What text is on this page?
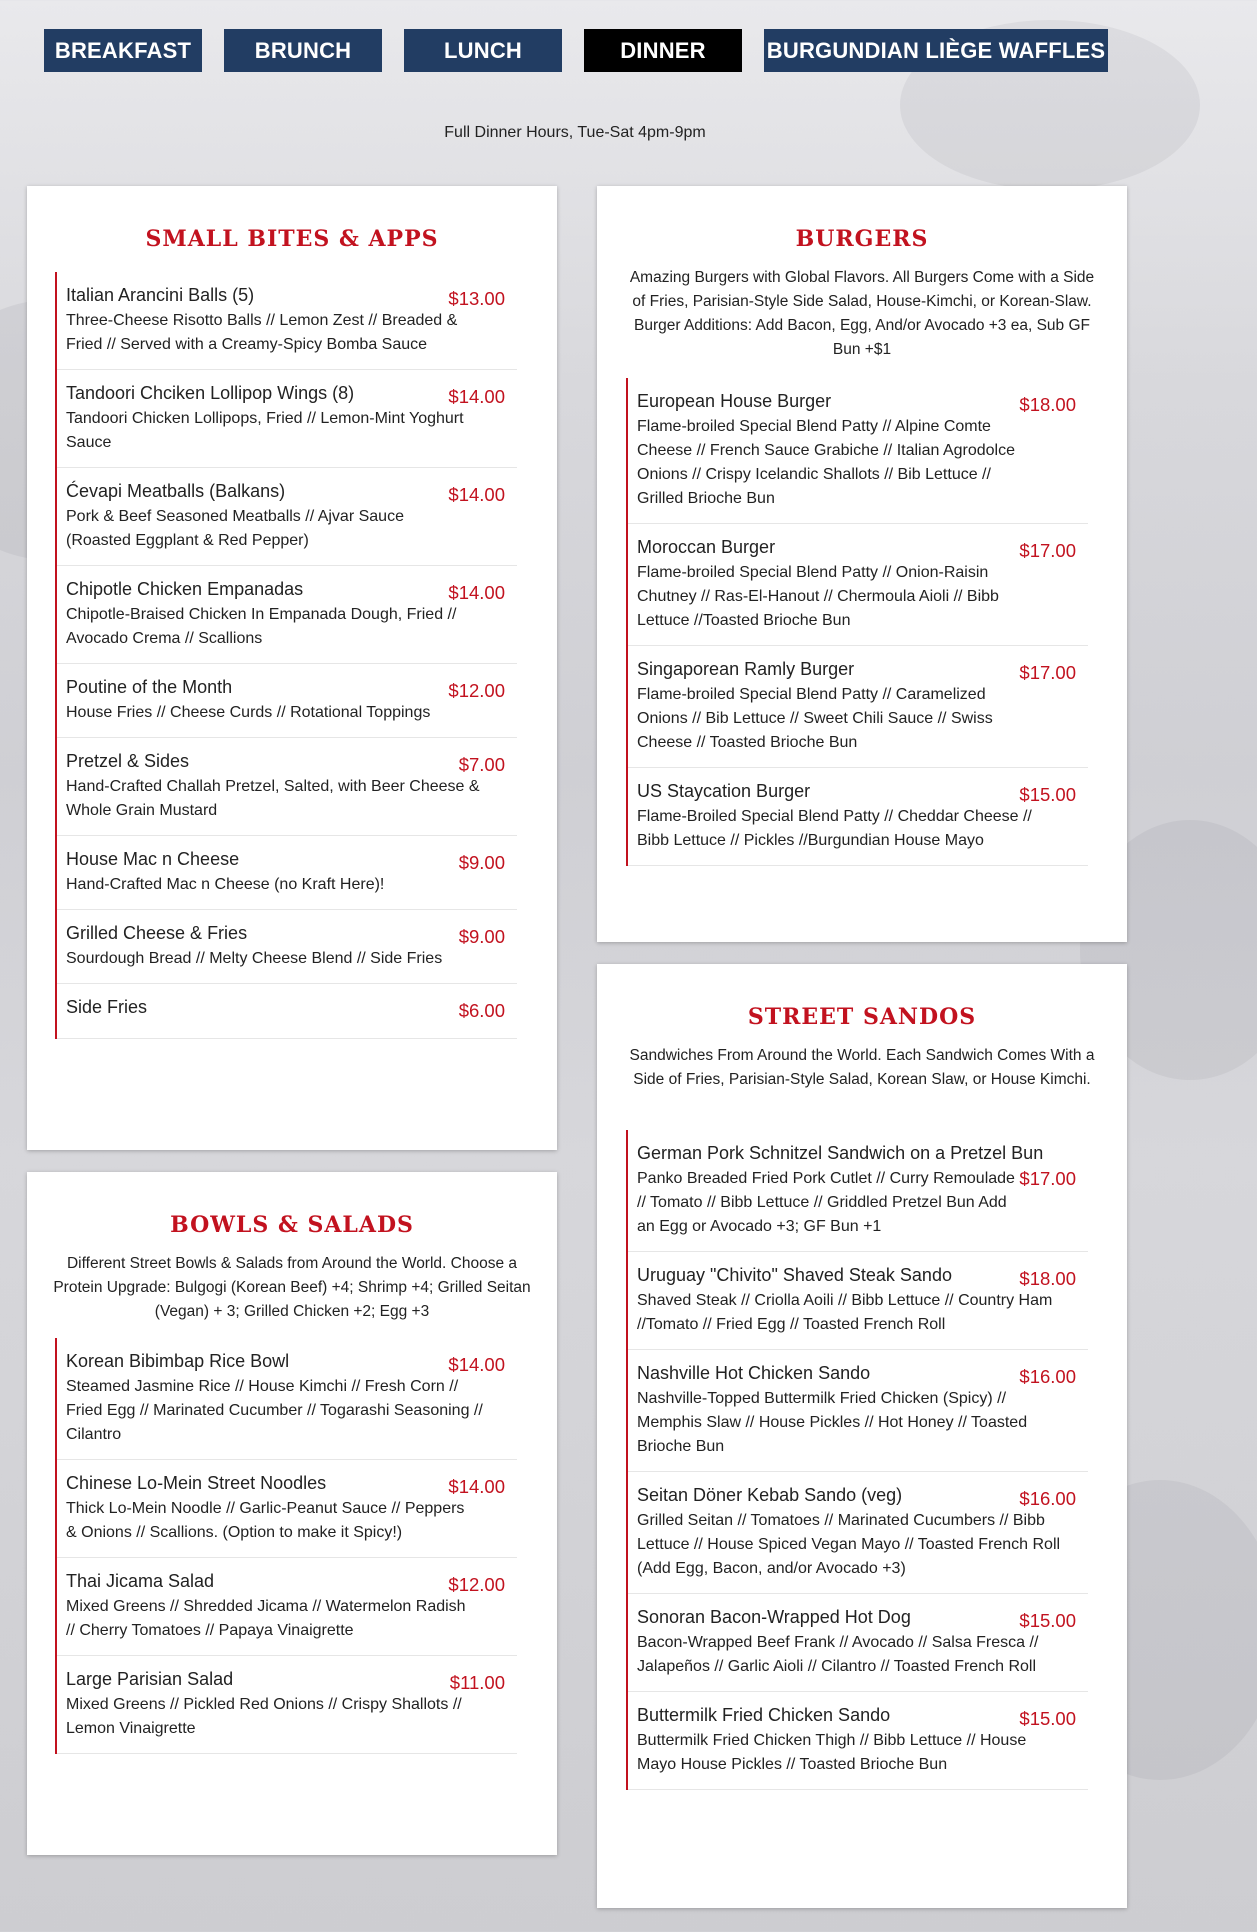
BREAKFAST	BRUNCH	LUNCH	DINNER	BURGUNDIAN LIÈGE WAFFLES
Full Dinner Hours, Tue-Sat 4pm-9pm
SMALL BITES & APPS
Italian Arancini Balls (5)	$13.00
Three-Cheese Risotto Balls // Lemon Zest // Breaded & Fried // Served with a Creamy-Spicy Bomba Sauce
Tandoori Chciken Lollipop Wings (8)	$14.00
Tandoori Chicken Lollipops, Fried // Lemon-Mint Yoghurt Sauce
Ćevapi Meatballs (Balkans)	$14.00
Pork & Beef Seasoned Meatballs // Ajvar Sauce (Roasted Eggplant & Red Pepper)
Chipotle Chicken Empanadas	$14.00
Chipotle-Braised Chicken In Empanada Dough, Fried // Avocado Crema // Scallions
Poutine of the Month	$12.00
House Fries // Cheese Curds // Rotational Toppings
Pretzel & Sides	$7.00
Hand-Crafted Challah Pretzel, Salted, with Beer Cheese & Whole Grain Mustard
House Mac n Cheese	$9.00
Hand-Crafted Mac n Cheese (no Kraft Here)!
Grilled Cheese & Fries	$9.00
Sourdough Bread // Melty Cheese Blend // Side Fries
Side Fries	$6.00
BOWLS & SALADS
Different Street Bowls & Salads from Around the World. Choose a Protein Upgrade: Bulgogi (Korean Beef) +4; Shrimp +4; Grilled Seitan (Vegan) + 3; Grilled Chicken +2; Egg +3
Korean Bibimbap Rice Bowl	$14.00
Steamed Jasmine Rice // House Kimchi // Fresh Corn // Fried Egg // Marinated Cucumber // Togarashi Seasoning // Cilantro
Chinese Lo-Mein Street Noodles	$14.00
Thick Lo-Mein Noodle // Garlic-Peanut Sauce // Peppers & Onions // Scallions. (Option to make it Spicy!)
Thai Jicama Salad	$12.00
Mixed Greens // Shredded Jicama // Watermelon Radish // Cherry Tomatoes // Papaya Vinaigrette
Large Parisian Salad	$11.00
Mixed Greens // Pickled Red Onions // Crispy Shallots // Lemon Vinaigrette
BURGERS
Amazing Burgers with Global Flavors. All Burgers Come with a Side of Fries, Parisian-Style Side Salad, House-Kimchi, or Korean-Slaw. Burger Additions: Add Bacon, Egg, And/or Avocado +3 ea, Sub GF Bun +$1
European House Burger	$18.00
Flame-broiled Special Blend Patty // Alpine Comte Cheese // French Sauce Grabiche // Italian Agrodolce Onions // Crispy Icelandic Shallots // Bib Lettuce // Grilled Brioche Bun
Moroccan Burger	$17.00
Flame-broiled Special Blend Patty // Onion-Raisin Chutney // Ras-El-Hanout // Chermoula Aioli // Bibb Lettuce //Toasted Brioche Bun
Singaporean Ramly Burger	$17.00
Flame-broiled Special Blend Patty // Caramelized Onions // Bib Lettuce // Sweet Chili Sauce // Swiss Cheese // Toasted Brioche Bun
US Staycation Burger	$15.00
Flame-Broiled Special Blend Patty // Cheddar Cheese // Bibb Lettuce // Pickles //Burgundian House Mayo
STREET SANDOS
Sandwiches From Around the World. Each Sandwich Comes With a Side of Fries, Parisian-Style Salad, Korean Slaw, or House Kimchi.
German Pork Schnitzel Sandwich on a Pretzel Bun
$17.00
Panko Breaded Fried Pork Cutlet // Curry Remoulade // Tomato // Bibb Lettuce // Griddled Pretzel Bun Add an Egg or Avocado +3; GF Bun +1
Uruguay "Chivito" Shaved Steak Sando	$18.00
Shaved Steak // Criolla Aoili // Bibb Lettuce // Country Ham //Tomato // Fried Egg // Toasted French Roll
Nashville Hot Chicken Sando	$16.00
Nashville-Topped Buttermilk Fried Chicken (Spicy) // Memphis Slaw // House Pickles // Hot Honey // Toasted Brioche Bun
Seitan Döner Kebab Sando (veg)	$16.00
Grilled Seitan // Tomatoes // Marinated Cucumbers // Bibb Lettuce // House Spiced Vegan Mayo // Toasted French Roll (Add Egg, Bacon, and/or Avocado +3)
Sonoran Bacon-Wrapped Hot Dog	$15.00
Bacon-Wrapped Beef Frank // Avocado // Salsa Fresca // Jalapeños // Garlic Aioli // Cilantro // Toasted French Roll
Buttermilk Fried Chicken Sando	$15.00
Buttermilk Fried Chicken Thigh // Bibb Lettuce // House Mayo House Pickles // Toasted Brioche Bun
